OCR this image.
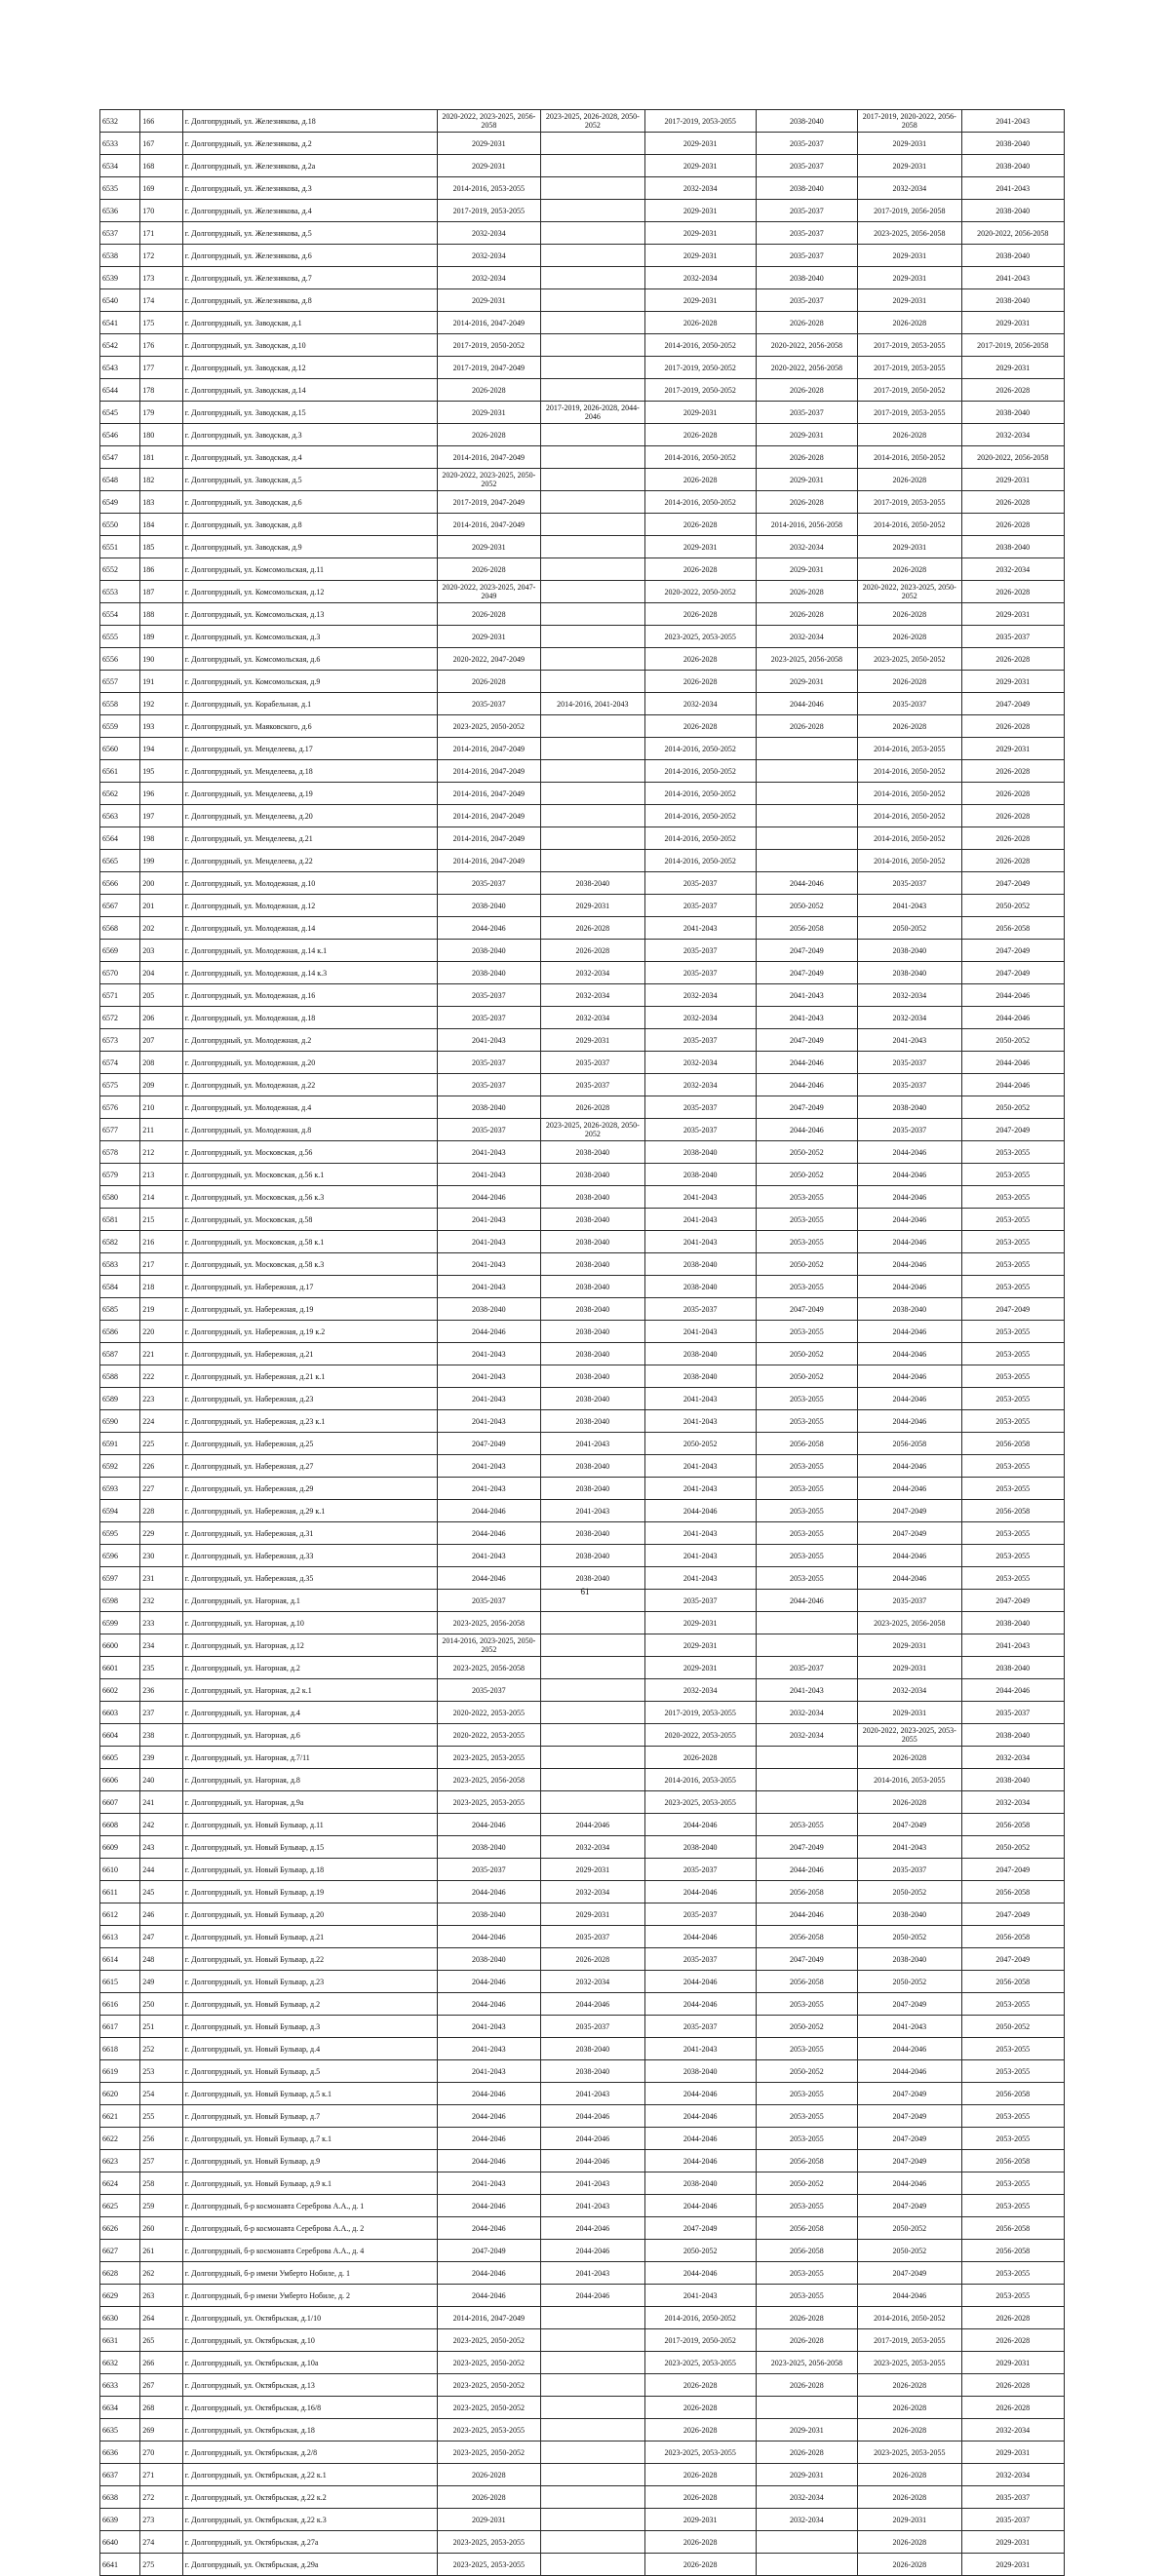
6532	166	г. Долгопрудный, ул. Железнякова, д.18	2020-2022, 2023-2025, 2056-2058	2023-2025, 2026-2028, 2050-2052	2017-2019, 2053-2055	2038-2040	2017-2019, 2020-2022, 2056-2058	2041-2043
6533	167	г. Долгопрудный, ул. Железнякова, д.2	2029-2031		2029-2031	2035-2037	2029-2031	2038-2040
6534	168	г. Долгопрудный, ул. Железнякова, д.2а	2029-2031		2029-2031	2035-2037	2029-2031	2038-2040
6535	169	г. Долгопрудный, ул. Железнякова, д.3	2014-2016, 2053-2055		2032-2034	2038-2040	2032-2034	2041-2043
6536	170	г. Долгопрудный, ул. Железнякова, д.4	2017-2019, 2053-2055		2029-2031	2035-2037	2017-2019, 2056-2058	2038-2040
6537	171	г. Долгопрудный, ул. Железнякова, д.5	2032-2034		2029-2031	2035-2037	2023-2025, 2056-2058	2020-2022, 2056-2058
6538	172	г. Долгопрудный, ул. Железнякова, д.6	2032-2034		2029-2031	2035-2037	2029-2031	2038-2040
6539	173	г. Долгопрудный, ул. Железнякова, д.7	2032-2034		2032-2034	2038-2040	2029-2031	2041-2043
6540	174	г. Долгопрудный, ул. Железнякова, д.8	2029-2031		2029-2031	2035-2037	2029-2031	2038-2040
6541	175	г. Долгопрудный, ул. Заводская, д.1	2014-2016, 2047-2049		2026-2028	2026-2028	2026-2028	2029-2031
6542	176	г. Долгопрудный, ул. Заводская, д.10	2017-2019, 2050-2052		2014-2016, 2050-2052	2020-2022, 2056-2058	2017-2019, 2053-2055	2017-2019, 2056-2058
6543	177	г. Долгопрудный, ул. Заводская, д.12	2017-2019, 2047-2049		2017-2019, 2050-2052	2020-2022, 2056-2058	2017-2019, 2053-2055	2029-2031
6544	178	г. Долгопрудный, ул. Заводская, д.14	2026-2028		2017-2019, 2050-2052	2026-2028	2017-2019, 2050-2052	2026-2028
6545	179	г. Долгопрудный, ул. Заводская, д.15	2029-2031	2017-2019, 2026-2028, 2044-2046	2029-2031	2035-2037	2017-2019, 2053-2055	2038-2040
6546	180	г. Долгопрудный, ул. Заводская, д.3	2026-2028		2026-2028	2029-2031	2026-2028	2032-2034
6547	181	г. Долгопрудный, ул. Заводская, д.4	2014-2016, 2047-2049		2014-2016, 2050-2052	2026-2028	2014-2016, 2050-2052	2020-2022, 2056-2058
6548	182	г. Долгопрудный, ул. Заводская, д.5	2020-2022, 2023-2025, 2050-2052		2026-2028	2029-2031	2026-2028	2029-2031
6549	183	г. Долгопрудный, ул. Заводская, д.6	2017-2019, 2047-2049		2014-2016, 2050-2052	2026-2028	2017-2019, 2053-2055	2026-2028
6550	184	г. Долгопрудный, ул. Заводская, д.8	2014-2016, 2047-2049		2026-2028	2014-2016, 2056-2058	2014-2016, 2050-2052	2026-2028
6551	185	г. Долгопрудный, ул. Заводская, д.9	2029-2031		2029-2031	2032-2034	2029-2031	2038-2040
6552	186	г. Долгопрудный, ул. Комсомольская, д.11	2026-2028		2026-2028	2029-2031	2026-2028	2032-2034
6553	187	г. Долгопрудный, ул. Комсомольская, д.12	2020-2022, 2023-2025, 2047-2049		2020-2022, 2050-2052	2026-2028	2020-2022, 2023-2025, 2050-2052	2026-2028
6554	188	г. Долгопрудный, ул. Комсомольская, д.13	2026-2028		2026-2028	2026-2028	2026-2028	2029-2031
6555	189	г. Долгопрудный, ул. Комсомольская, д.3	2029-2031		2023-2025, 2053-2055	2032-2034	2026-2028	2035-2037
6556	190	г. Долгопрудный, ул. Комсомольская, д.6	2020-2022, 2047-2049		2026-2028	2023-2025, 2056-2058	2023-2025, 2050-2052	2026-2028
6557	191	г. Долгопрудный, ул. Комсомольская, д.9	2026-2028		2026-2028	2029-2031	2026-2028	2029-2031
6558	192	г. Долгопрудный, ул. Корабельная, д.1	2035-2037	2014-2016, 2041-2043	2032-2034	2044-2046	2035-2037	2047-2049
6559	193	г. Долгопрудный, ул. Маяковского, д.6	2023-2025, 2050-2052		2026-2028	2026-2028	2026-2028	2026-2028
6560	194	г. Долгопрудный, ул. Менделеева, д.17	2014-2016, 2047-2049		2014-2016, 2050-2052		2014-2016, 2053-2055	2029-2031
6561	195	г. Долгопрудный, ул. Менделеева, д.18	2014-2016, 2047-2049		2014-2016, 2050-2052		2014-2016, 2050-2052	2026-2028
6562	196	г. Долгопрудный, ул. Менделеева, д.19	2014-2016, 2047-2049		2014-2016, 2050-2052		2014-2016, 2050-2052	2026-2028
6563	197	г. Долгопрудный, ул. Менделеева, д.20	2014-2016, 2047-2049		2014-2016, 2050-2052		2014-2016, 2050-2052	2026-2028
6564	198	г. Долгопрудный, ул. Менделеева, д.21	2014-2016, 2047-2049		2014-2016, 2050-2052		2014-2016, 2050-2052	2026-2028
6565	199	г. Долгопрудный, ул. Менделеева, д.22	2014-2016, 2047-2049		2014-2016, 2050-2052		2014-2016, 2050-2052	2026-2028
6566	200	г. Долгопрудный, ул. Молодежная, д.10	2035-2037	2038-2040	2035-2037	2044-2046	2035-2037	2047-2049
6567	201	г. Долгопрудный, ул. Молодежная, д.12	2038-2040	2029-2031	2035-2037	2050-2052	2041-2043	2050-2052
6568	202	г. Долгопрудный, ул. Молодежная, д.14	2044-2046	2026-2028	2041-2043	2056-2058	2050-2052	2056-2058
6569	203	г. Долгопрудный, ул. Молодежная, д.14 к.1	2038-2040	2026-2028	2035-2037	2047-2049	2038-2040	2047-2049
6570	204	г. Долгопрудный, ул. Молодежная, д.14 к.3	2038-2040	2032-2034	2035-2037	2047-2049	2038-2040	2047-2049
6571	205	г. Долгопрудный, ул. Молодежная, д.16	2035-2037	2032-2034	2032-2034	2041-2043	2032-2034	2044-2046
6572	206	г. Долгопрудный, ул. Молодежная, д.18	2035-2037	2032-2034	2032-2034	2041-2043	2032-2034	2044-2046
6573	207	г. Долгопрудный, ул. Молодежная, д.2	2041-2043	2029-2031	2035-2037	2047-2049	2041-2043	2050-2052
6574	208	г. Долгопрудный, ул. Молодежная, д.20	2035-2037	2035-2037	2032-2034	2044-2046	2035-2037	2044-2046
6575	209	г. Долгопрудный, ул. Молодежная, д.22	2035-2037	2035-2037	2032-2034	2044-2046	2035-2037	2044-2046
6576	210	г. Долгопрудный, ул. Молодежная, д.4	2038-2040	2026-2028	2035-2037	2047-2049	2038-2040	2050-2052
6577	211	г. Долгопрудный, ул. Молодежная, д.8	2035-2037	2023-2025, 2026-2028, 2050-2052	2035-2037	2044-2046	2035-2037	2047-2049
6578	212	г. Долгопрудный, ул. Московская, д.56	2041-2043	2038-2040	2038-2040	2050-2052	2044-2046	2053-2055
6579	213	г. Долгопрудный, ул. Московская, д.56 к.1	2041-2043	2038-2040	2038-2040	2050-2052	2044-2046	2053-2055
6580	214	г. Долгопрудный, ул. Московская, д.56 к.3	2044-2046	2038-2040	2041-2043	2053-2055	2044-2046	2053-2055
6581	215	г. Долгопрудный, ул. Московская, д.58	2041-2043	2038-2040	2041-2043	2053-2055	2044-2046	2053-2055
6582	216	г. Долгопрудный, ул. Московская, д.58 к.1	2041-2043	2038-2040	2041-2043	2053-2055	2044-2046	2053-2055
6583	217	г. Долгопрудный, ул. Московская, д.58 к.3	2041-2043	2038-2040	2038-2040	2050-2052	2044-2046	2053-2055
6584	218	г. Долгопрудный, ул. Набережная, д.17	2041-2043	2038-2040	2038-2040	2053-2055	2044-2046	2053-2055
6585	219	г. Долгопрудный, ул. Набережная, д.19	2038-2040	2038-2040	2035-2037	2047-2049	2038-2040	2047-2049
6586	220	г. Долгопрудный, ул. Набережная, д.19 к.2	2044-2046	2038-2040	2041-2043	2053-2055	2044-2046	2053-2055
6587	221	г. Долгопрудный, ул. Набережная, д.21	2041-2043	2038-2040	2038-2040	2050-2052	2044-2046	2053-2055
6588	222	г. Долгопрудный, ул. Набережная, д.21 к.1	2041-2043	2038-2040	2038-2040	2050-2052	2044-2046	2053-2055
6589	223	г. Долгопрудный, ул. Набережная, д.23	2041-2043	2038-2040	2041-2043	2053-2055	2044-2046	2053-2055
6590	224	г. Долгопрудный, ул. Набережная, д.23 к.1	2041-2043	2038-2040	2041-2043	2053-2055	2044-2046	2053-2055
6591	225	г. Долгопрудный, ул. Набережная, д.25	2047-2049	2041-2043	2050-2052	2056-2058	2056-2058	2056-2058
6592	226	г. Долгопрудный, ул. Набережная, д.27	2041-2043	2038-2040	2041-2043	2053-2055	2044-2046	2053-2055
6593	227	г. Долгопрудный, ул. Набережная, д.29	2041-2043	2038-2040	2041-2043	2053-2055	2044-2046	2053-2055
6594	228	г. Долгопрудный, ул. Набережная, д.29 к.1	2044-2046	2041-2043	2044-2046	2053-2055	2047-2049	2056-2058
6595	229	г. Долгопрудный, ул. Набережная, д.31	2044-2046	2038-2040	2041-2043	2053-2055	2047-2049	2053-2055
6596	230	г. Долгопрудный, ул. Набережная, д.33	2041-2043	2038-2040	2041-2043	2053-2055	2044-2046	2053-2055
6597	231	г. Долгопрудный, ул. Набережная, д.35	2044-2046	2038-2040	2041-2043	2053-2055	2044-2046	2053-2055
6598	232	г. Долгопрудный, ул. Нагорная, д.1	2035-2037		2035-2037	2044-2046	2035-2037	2047-2049
6599	233	г. Долгопрудный, ул. Нагорная, д.10	2023-2025, 2056-2058		2029-2031		2023-2025, 2056-2058	2038-2040
6600	234	г. Долгопрудный, ул. Нагорная, д.12	2014-2016, 2023-2025, 2050-2052		2029-2031		2029-2031	2041-2043
6601	235	г. Долгопрудный, ул. Нагорная, д.2	2023-2025, 2056-2058		2029-2031	2035-2037	2029-2031	2038-2040
6602	236	г. Долгопрудный, ул. Нагорная, д.2 к.1	2035-2037		2032-2034	2041-2043	2032-2034	2044-2046
6603	237	г. Долгопрудный, ул. Нагорная, д.4	2020-2022, 2053-2055		2017-2019, 2053-2055	2032-2034	2029-2031	2035-2037
6604	238	г. Долгопрудный, ул. Нагорная, д.6	2020-2022, 2053-2055		2020-2022, 2053-2055	2032-2034	2020-2022, 2023-2025, 2053-2055	2038-2040
6605	239	г. Долгопрудный, ул. Нагорная, д.7/11	2023-2025, 2053-2055		2026-2028		2026-2028	2032-2034
6606	240	г. Долгопрудный, ул. Нагорная, д.8	2023-2025, 2056-2058		2014-2016, 2053-2055		2014-2016, 2053-2055	2038-2040
6607	241	г. Долгопрудный, ул. Нагорная, д.9а	2023-2025, 2053-2055		2023-2025, 2053-2055		2026-2028	2032-2034
6608	242	г. Долгопрудный, ул. Новый Бульвар, д.11	2044-2046	2044-2046	2044-2046	2053-2055	2047-2049	2056-2058
6609	243	г. Долгопрудный, ул. Новый Бульвар, д.15	2038-2040	2032-2034	2038-2040	2047-2049	2041-2043	2050-2052
6610	244	г. Долгопрудный, ул. Новый Бульвар, д.18	2035-2037	2029-2031	2035-2037	2044-2046	2035-2037	2047-2049
6611	245	г. Долгопрудный, ул. Новый Бульвар, д.19	2044-2046	2032-2034	2044-2046	2056-2058	2050-2052	2056-2058
6612	246	г. Долгопрудный, ул. Новый Бульвар, д.20	2038-2040	2029-2031	2035-2037	2044-2046	2038-2040	2047-2049
6613	247	г. Долгопрудный, ул. Новый Бульвар, д.21	2044-2046	2035-2037	2044-2046	2056-2058	2050-2052	2056-2058
6614	248	г. Долгопрудный, ул. Новый Бульвар, д.22	2038-2040	2026-2028	2035-2037	2047-2049	2038-2040	2047-2049
6615	249	г. Долгопрудный, ул. Новый Бульвар, д.23	2044-2046	2032-2034	2044-2046	2056-2058	2050-2052	2056-2058
6616	250	г. Долгопрудный, ул. Новый Бульвар, д.2	2044-2046	2044-2046	2044-2046	2053-2055	2047-2049	2053-2055
6617	251	г. Долгопрудный, ул. Новый Бульвар, д.3	2041-2043	2035-2037	2035-2037	2050-2052	2041-2043	2050-2052
6618	252	г. Долгопрудный, ул. Новый Бульвар, д.4	2041-2043	2038-2040	2041-2043	2053-2055	2044-2046	2053-2055
6619	253	г. Долгопрудный, ул. Новый Бульвар, д.5	2041-2043	2038-2040	2038-2040	2050-2052	2044-2046	2053-2055
6620	254	г. Долгопрудный, ул. Новый Бульвар, д.5 к.1	2044-2046	2041-2043	2044-2046	2053-2055	2047-2049	2056-2058
6621	255	г. Долгопрудный, ул. Новый Бульвар, д.7	2044-2046	2044-2046	2044-2046	2053-2055	2047-2049	2053-2055
6622	256	г. Долгопрудный, ул. Новый Бульвар, д.7 к.1	2044-2046	2044-2046	2044-2046	2053-2055	2047-2049	2053-2055
6623	257	г. Долгопрудный, ул. Новый Бульвар, д.9	2044-2046	2044-2046	2044-2046	2056-2058	2047-2049	2056-2058
6624	258	г. Долгопрудный, ул. Новый Бульвар, д.9 к.1	2041-2043	2041-2043	2038-2040	2050-2052	2044-2046	2053-2055
6625	259	г. Долгопрудный, б-р космонавта Сереброва А.А., д. 1	2044-2046	2041-2043	2044-2046	2053-2055	2047-2049	2053-2055
6626	260	г. Долгопрудный, б-р космонавта Сереброва А.А., д. 2	2044-2046	2044-2046	2047-2049	2056-2058	2050-2052	2056-2058
6627	261	г. Долгопрудный, б-р космонавта Сереброва А.А., д. 4	2047-2049	2044-2046	2050-2052	2056-2058	2050-2052	2056-2058
6628	262	г. Долгопрудный, б-р имени Умберто Нобиле, д. 1	2044-2046	2041-2043	2044-2046	2053-2055	2047-2049	2053-2055
6629	263	г. Долгопрудный, б-р имени Умберто Нобиле, д. 2	2044-2046	2044-2046	2041-2043	2053-2055	2044-2046	2053-2055
6630	264	г. Долгопрудный, ул. Октябрьская, д.1/10	2014-2016, 2047-2049		2014-2016, 2050-2052	2026-2028	2014-2016, 2050-2052	2026-2028
6631	265	г. Долгопрудный, ул. Октябрьская, д.10	2023-2025, 2050-2052		2017-2019, 2050-2052	2026-2028	2017-2019, 2053-2055	2026-2028
6632	266	г. Долгопрудный, ул. Октябрьская, д.10а	2023-2025, 2050-2052		2023-2025, 2053-2055	2023-2025, 2056-2058	2023-2025, 2053-2055	2029-2031
6633	267	г. Долгопрудный, ул. Октябрьская, д.13	2023-2025, 2050-2052		2026-2028	2026-2028	2026-2028	2026-2028
6634	268	г. Долгопрудный, ул. Октябрьская, д.16/8	2023-2025, 2050-2052		2026-2028		2026-2028	2026-2028
6635	269	г. Долгопрудный, ул. Октябрьская, д.18	2023-2025, 2053-2055		2026-2028	2029-2031	2026-2028	2032-2034
6636	270	г. Долгопрудный, ул. Октябрьская, д.2/8	2023-2025, 2050-2052		2023-2025, 2053-2055	2026-2028	2023-2025, 2053-2055	2029-2031
6637	271	г. Долгопрудный, ул. Октябрьская, д.22 к.1	2026-2028		2026-2028	2029-2031	2026-2028	2032-2034
6638	272	г. Долгопрудный, ул. Октябрьская, д.22 к.2	2026-2028		2026-2028	2032-2034	2026-2028	2035-2037
6639	273	г. Долгопрудный, ул. Октябрьская, д.22 к.3	2029-2031		2029-2031	2032-2034	2029-2031	2035-2037
6640	274	г. Долгопрудный, ул. Октябрьская, д.27а	2023-2025, 2053-2055		2026-2028		2026-2028	2029-2031
6641	275	г. Долгопрудный, ул. Октябрьская, д.29а	2023-2025, 2053-2055		2026-2028		2026-2028	2029-2031
61
